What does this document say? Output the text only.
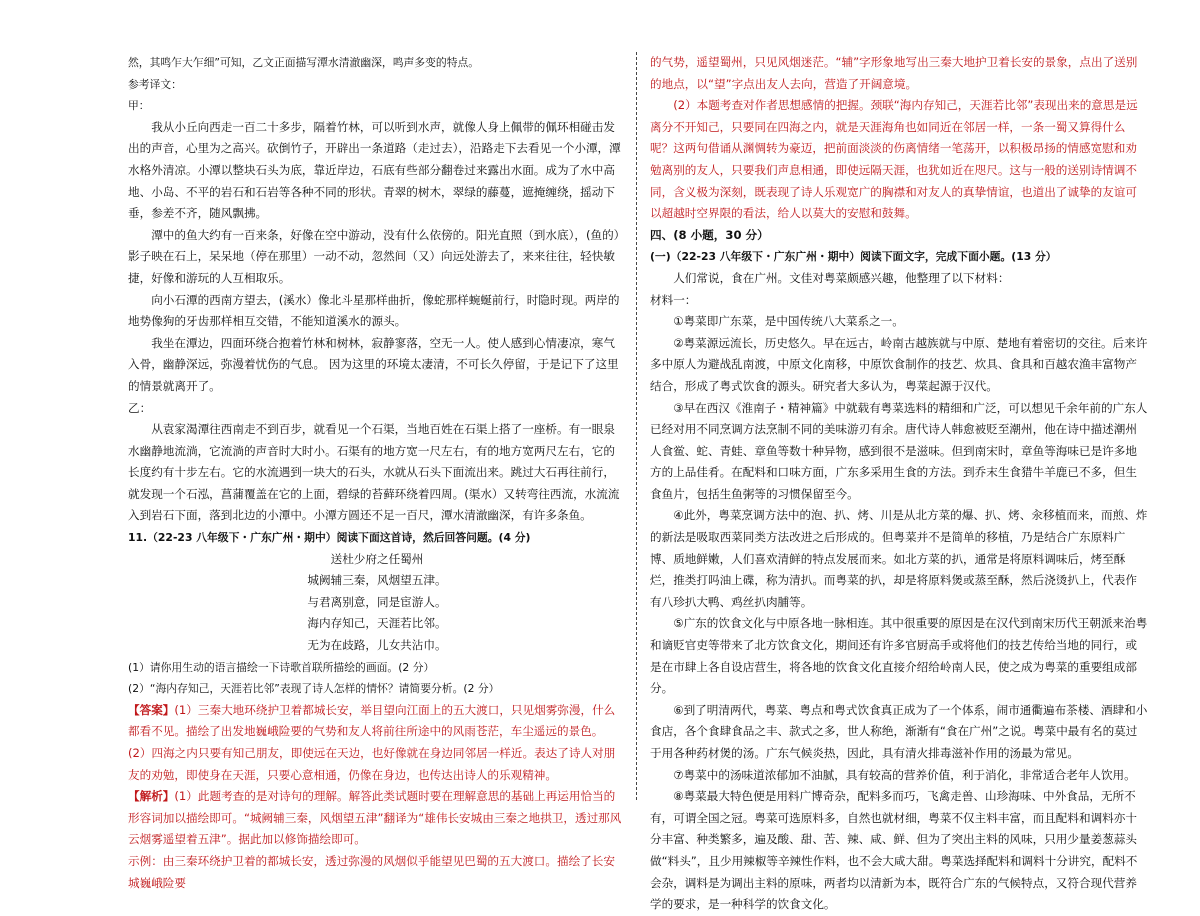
然，其鸣乍大乍细”可知，乙文正面描写潭水清澈幽深，鸣声多变的特点。

参考译文：

甲：

我从小丘向西走一百二十多步，隔着竹林，可以听到水声，就像人身上佩带的佩环相碰击发出的声音，心里为之高兴。砍倒竹子，开辟出一条道路（走过去），沿路走下去看见一个小潭，潭水格外清凉。小潭以整块石头为底，靠近岸边，石底有些部分翻卷过来露出水面。成为了水中高地、小岛、不平的岩石和石岩等各种不同的形状。青翠的树木，翠绿的藤蔓，遮掩缠绕，摇动下垂，参差不齐，随风飘拂。

潭中的鱼大约有一百来条，好像在空中游动，没有什么依傍的。阳光直照（到水底），(鱼的）影子映在石上，呆呆地（停在那里）一动不动，忽然间（又）向远处游去了，来来往往，轻快敏捷，好像和游玩的人互相取乐。

向小石潭的西南方望去，(溪水）像北斗星那样曲折，像蛇那样蜿蜒前行，时隐时现。两岸的地势像狗的牙齿那样相互交错，不能知道溪水的源头。

我坐在潭边，四面环绕合抱着竹林和树林，寂静寥落，空无一人。使人感到心情凄凉，寒气入骨，幽静深远，弥漫着忧伤的气息。 因为这里的环境太凄清，不可长久停留，于是记下了这里的情景就离开了。

乙：

从袁家渴潭往西南走不到百步，就看见一个石渠，当地百姓在石渠上搭了一座桥。有一眼泉水幽静地流淌，它流淌的声音时大时小。石渠有的地方宽一尺左右，有的地方宽两尺左右，它的长度约有十步左右。它的水流遇到一块大的石头，水就从石头下面流出来。跳过大石再往前行，就发现一个石泓，菖蒲覆盖在它的上面，碧绿的苔藓环绕着四周。(渠水）又转弯往西流，水流流入到岩石下面，落到北边的小潭中。小潭方圆还不足一百尺，潭水清澈幽深，有许多条鱼。

11.（22-23 八年级下・广东广州・期中）阅读下面这首诗，然后回答问题。(4 分)

送杜少府之任蜀州

城阙辅三秦，风烟望五津。

与君离别意，同是宦游人。

海内存知己，天涯若比邻。

无为在歧路，儿女共沾巾。

(1）请你用生动的语言描绘一下诗歌首联所描绘的画面。(2 分）

(2）“海内存知己，天涯若比邻”表现了诗人怎样的情怀？请简要分析。(2 分）

【答案】(1）三秦大地环绕护卫着都城长安，举目望向江面上的五大渡口，只见烟雾弥漫，什么都看不见。描绘了出发地巍峨险要的气势和友人将前往所途中的风雨苍茫，车尘遥远的景色。

(2）四海之内只要有知己朋友，即使远在天边，也好像就在身边同邻居一样近。表达了诗人对朋友的劝勉，即使身在天涯，只要心意相通，仍像在身边，也传达出诗人的乐观精神。

【解析】(1）此题考查的是对诗句的理解。解答此类试题时要在理解意思的基础上再运用恰当的形容词加以描绘即可。“城阙辅三秦，风烟望五津”翻译为“雄伟长安城由三秦之地拱卫，透过那风云烟雾遥望着五津”。据此加以修饰描绘即可。

示例：由三秦环绕护卫着的都城长安，透过弥漫的风烟似乎能望见巴蜀的五大渡口。描绘了长安城巍峨险要

的气势，遥望蜀州，只见风烟迷茫。“辅”字形象地写出三秦大地护卫着长安的景象，点出了送别的地点，以“望”字点出友人去向，营造了开阔意境。

(2）本题考查对作者思想感情的把握。颈联“海内存知己，天涯若比邻”表现出来的意思是远离分不开知己，只要同在四海之内，就是天涯海角也如同近在邻居一样，一条一蜀又算得什么呢？这两句借诵从渊惆转为豪迈，把前面淡淡的伤离情绪一笔荡开，以积极昂扬的情感宽慰和劝勉离别的友人，只要我们声息相通，即使远隔天涯，也犹如近在咫尺。这与一般的送别诗情调不同，含义极为深刻，既表现了诗人乐观宽广的胸襟和对友人的真挚情谊，也道出了诚挚的友谊可以超越时空界限的看法，给人以莫大的安慰和鼓舞。

四、(8 小题，30 分）

(一)（22-23 八年级下・广东广州・期中）阅读下面文字，完成下面小题。(13 分）

人们常说，食在广州。文佳对粤菜颇感兴趣，他整理了以下材料：

材料一：

①粤菜即广东菜，是中国传统八大菜系之一。

②粤菜源远流长，历史悠久。早在远古，岭南古越族就与中原、楚地有着密切的交往。后来许多中原人为避战乱南渡，中原文化南移，中原饮食制作的技艺、炊具、食具和百越农渔丰富物产结合，形成了粤式饮食的源头。研究者大多认为，粤菜起源于汉代。

③早在西汉《淮南子・精神篇》中就载有粤菜选料的精细和广泛，可以想见千余年前的广东人已经对用不同烹调方法烹制不同的美味游刃有余。唐代诗人韩愈被贬至潮州，他在诗中描述潮州人食鲎、蛇、青蛙、章鱼等数十种异物，感到很不是滋味。但到南宋时，章鱼等海味已是许多地方的上品佳肴。在配料和口味方面，广东多采用生食的方法。到乔末生食猎牛羊鹿已不多，但生食鱼片，包括生鱼粥等的习惯保留至今。

④此外，粤菜烹调方法中的泡、扒、烤、川是从北方菜的爆、扒、烤、汆移植而来，而煎、炸的新法是吸取西菜同类方法改进之后形成的。但粤菜并不是简单的移植，乃是结合广东原料广博、质地鲜嫩，人们喜欢清鲜的特点发展而来。如北方菜的扒，通常是将原料调味后，烤至酥烂，推类打吗油上碟，称为清扒。而粤菜的扒，却是将原料煲或蒸至酥，然后浇烫扒上，代表作有八珍扒大鸭、鸡丝扒肉脯等。

⑤广东的饮食文化与中原各地一脉相连。其中很重要的原因是在汉代到南宋历代王朝派来治粤和谪贬官吏等带来了北方饮食文化，期间还有许多官厨高手或将他们的技艺传给当地的同行，或是在市肆上各自设店营生，将各地的饮食文化直接介绍给岭南人民，使之成为粤菜的重要组成部分。

⑥到了明清两代，粤菜、粤点和粤式饮食真正成为了一个体系，闹市通衢遍布茶楼、酒肆和小食店，各个食肆食品之丰、款式之多，世人称绝，渐渐有“食在广州”之说。粤菜中最有名的莫过于用各种药材煲的汤。广东气候炎热，因此，具有清火排毒滋补作用的汤最为常见。

⑦粤菜中的汤味道浓郁加不油腻，具有较高的营养价值，利于消化，非常适合老年人饮用。

⑧粤菜最大特色便是用料广博奇杂，配料多而巧，飞禽走兽、山珍海味、中外食品，无所不有，可谓全国之冠。粤菜可选原料多，自然也就材细，粤菜不仅主料丰富，而且配料和调料亦十分丰富、种类繁多，遍及酸、甜、苦、辣、咸、鲜、但为了突出主料的风味，只用少量姜葱蒜头做“料头”，且少用辣椒等辛辣性作料，也不会大咸大甜。粤菜选择配料和调料十分讲究，配料不会杂，调料是为调出主料的原味，两者均以清新为本，既符合广东的气候特点，又符合现代营养学的要求，是一种科学的饮食文化。
